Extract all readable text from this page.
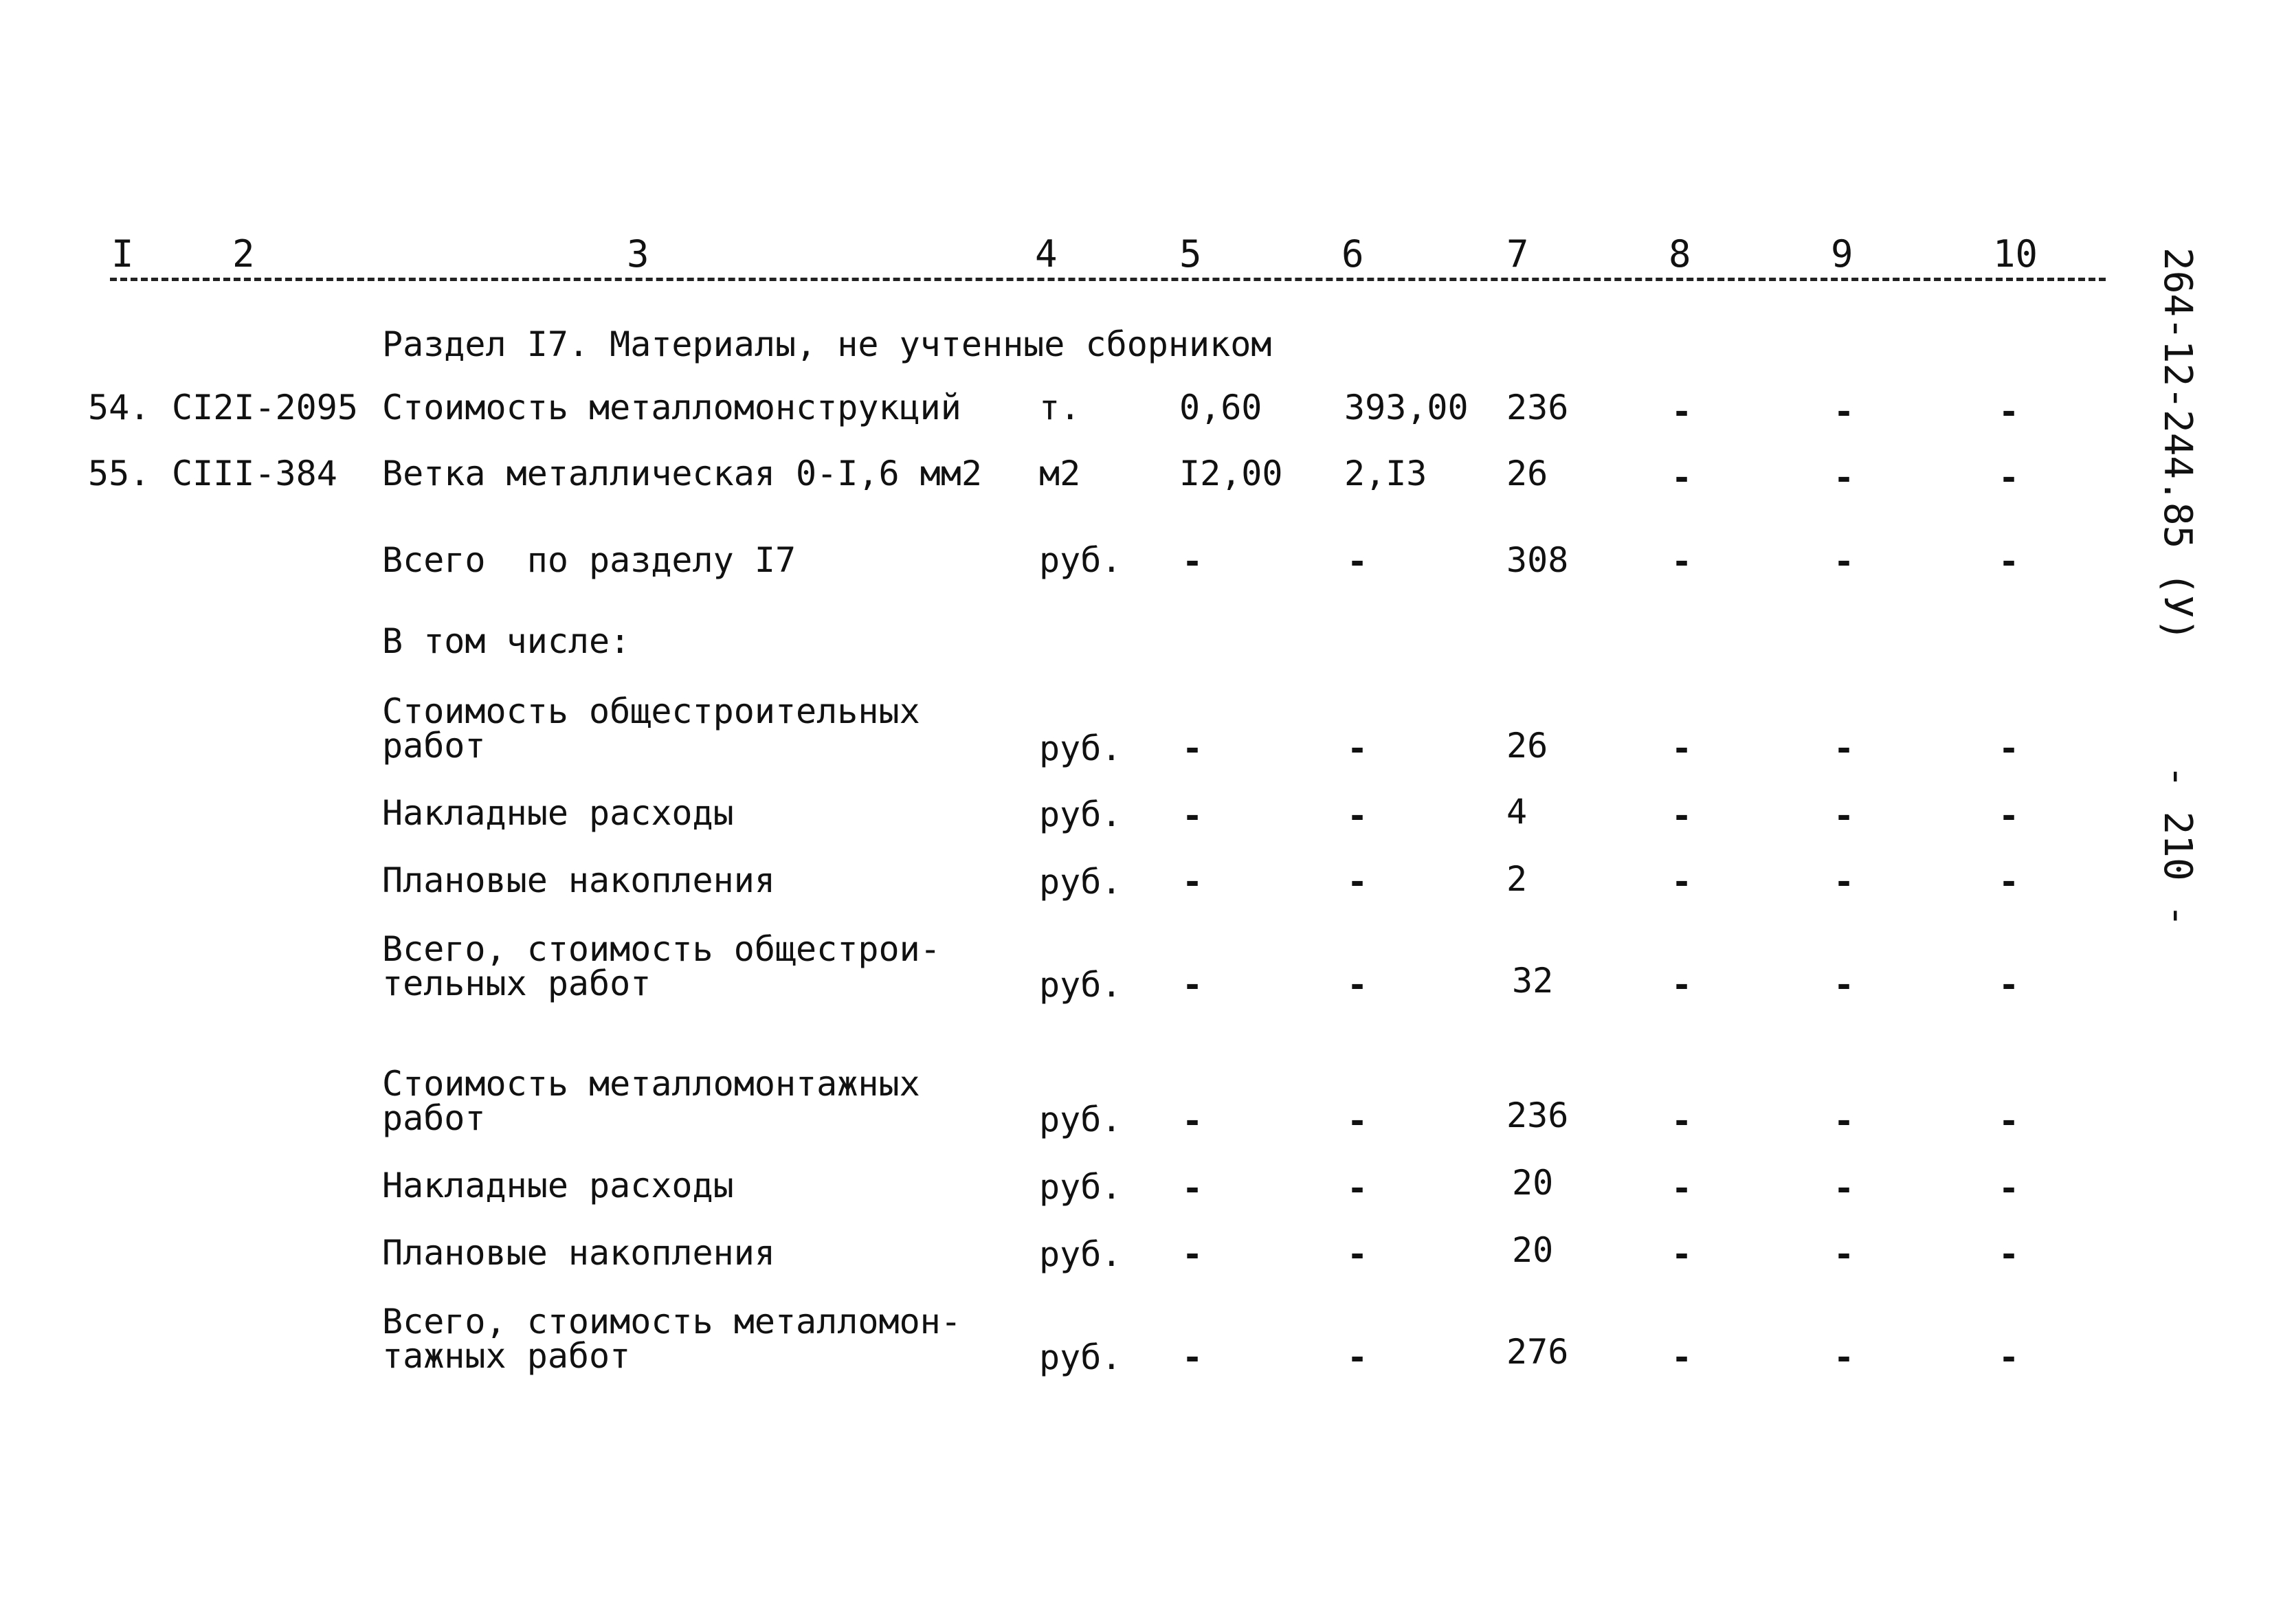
I	2	3	4	5	6	7	8	9	10
Раздел I7. Материалы, не учтенные сборником
54. CI2I-2095 Стоимость металломонструкций т.	0,60 393,00 236	-	-	-
55. CIII-384 Ветка металлическая 0-I,6 мм2 м2	I2,00 2,I3 26	-	-	-
Всего  по разделу I7	руб. -	-	308	-	-	-
В том числе:
Стоимость общестроительных
работ	руб. -	-	26	-	-	-
Накладные расходы	руб. -	-	4	-	-	-
Плановые накопления	руб. -	-	2	-	-	-
Всего, стоимость общестрои-
тельных работ	руб. -	-	32	-	-	-
Стоимость металломонтажных
работ	руб. -	-	236	-	-	-
Накладные расходы	руб. -	-	20	-	-	-
Плановые накопления	руб. -	-	20	-	-	-
Всего, стоимость металломон-
тажных работ	руб. -	-	276	-	-	-
264-12-244.85 (У)- 210 -
